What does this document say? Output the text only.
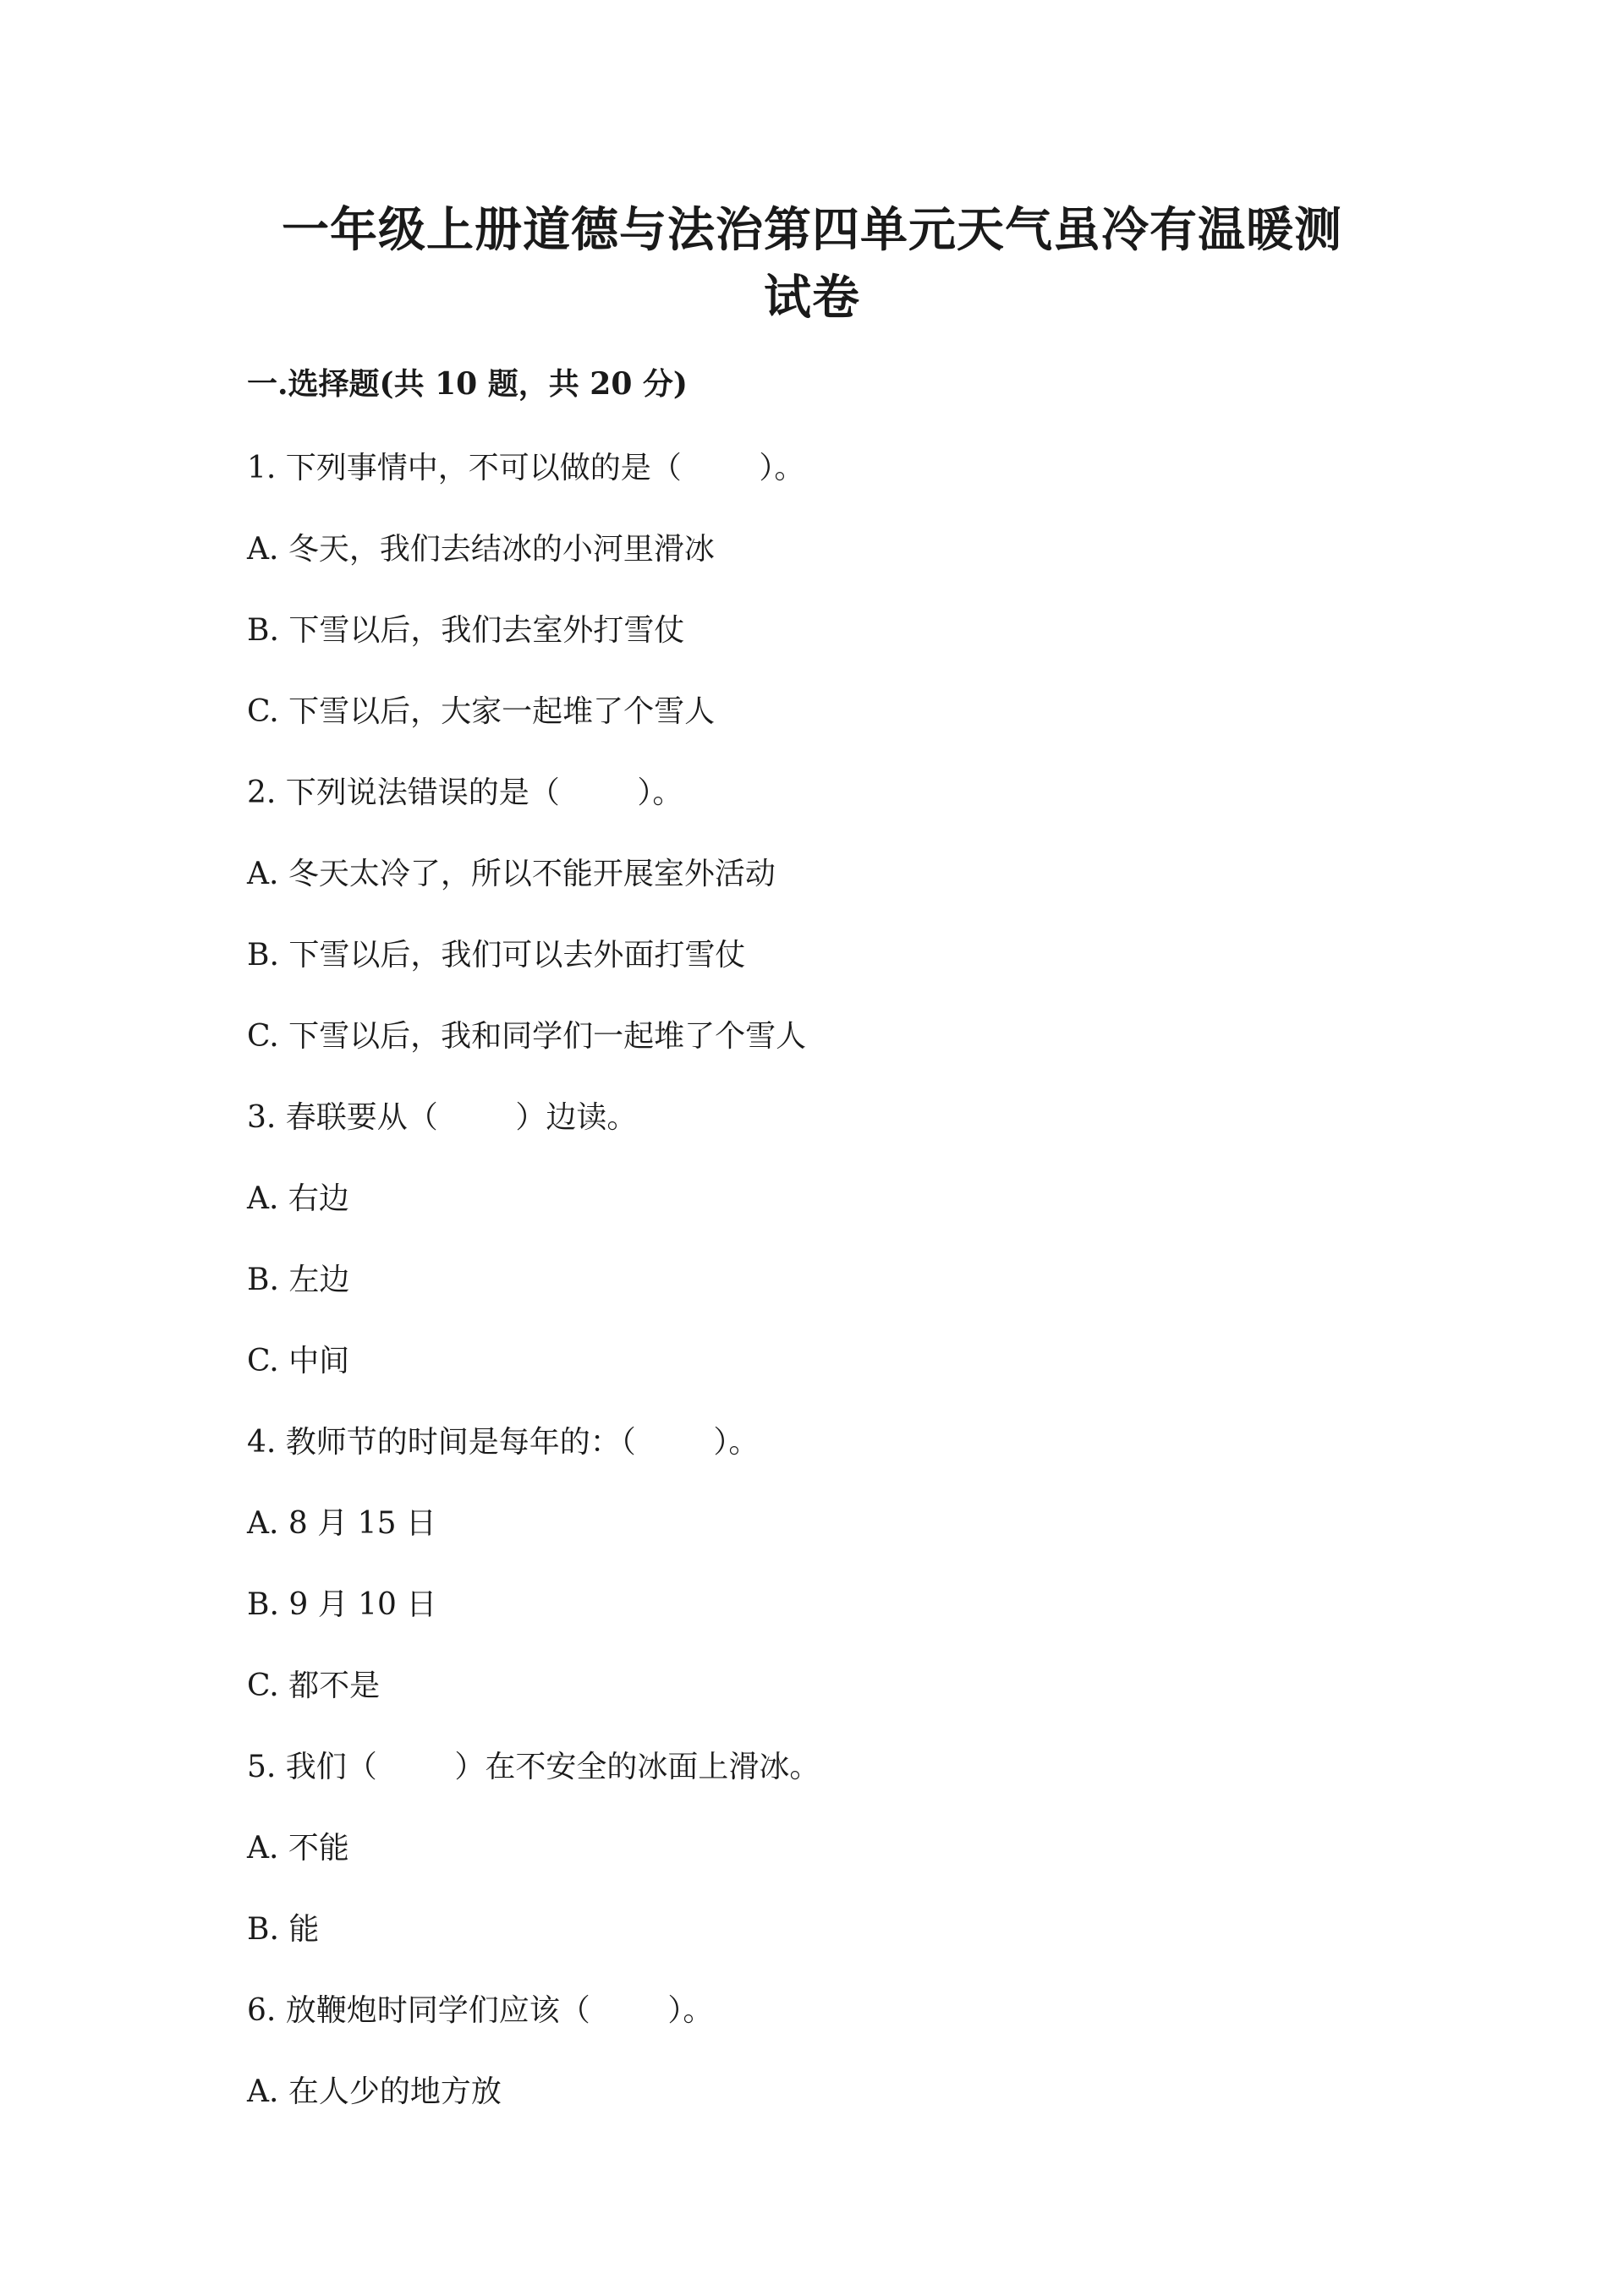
一年级上册道德与法治第四单元天气虽冷有温暖测
试卷
一.选择题(共 10 题，共 20 分)
1. 下列事情中，不可以做的是（        ）。
A. 冬天，我们去结冰的小河里滑冰
B. 下雪以后，我们去室外打雪仗
C. 下雪以后，大家一起堆了个雪人
2. 下列说法错误的是（        ）。
A. 冬天太冷了，所以不能开展室外活动
B. 下雪以后，我们可以去外面打雪仗
C. 下雪以后，我和同学们一起堆了个雪人
3. 春联要从（        ）边读。
A. 右边
B. 左边
C. 中间
4. 教师节的时间是每年的：（        ）。
A. 8 月 15 日
B. 9 月 10 日
C. 都不是
5. 我们（        ）在不安全的冰面上滑冰。
A. 不能
B. 能
6. 放鞭炮时同学们应该（        ）。
A. 在人少的地方放
